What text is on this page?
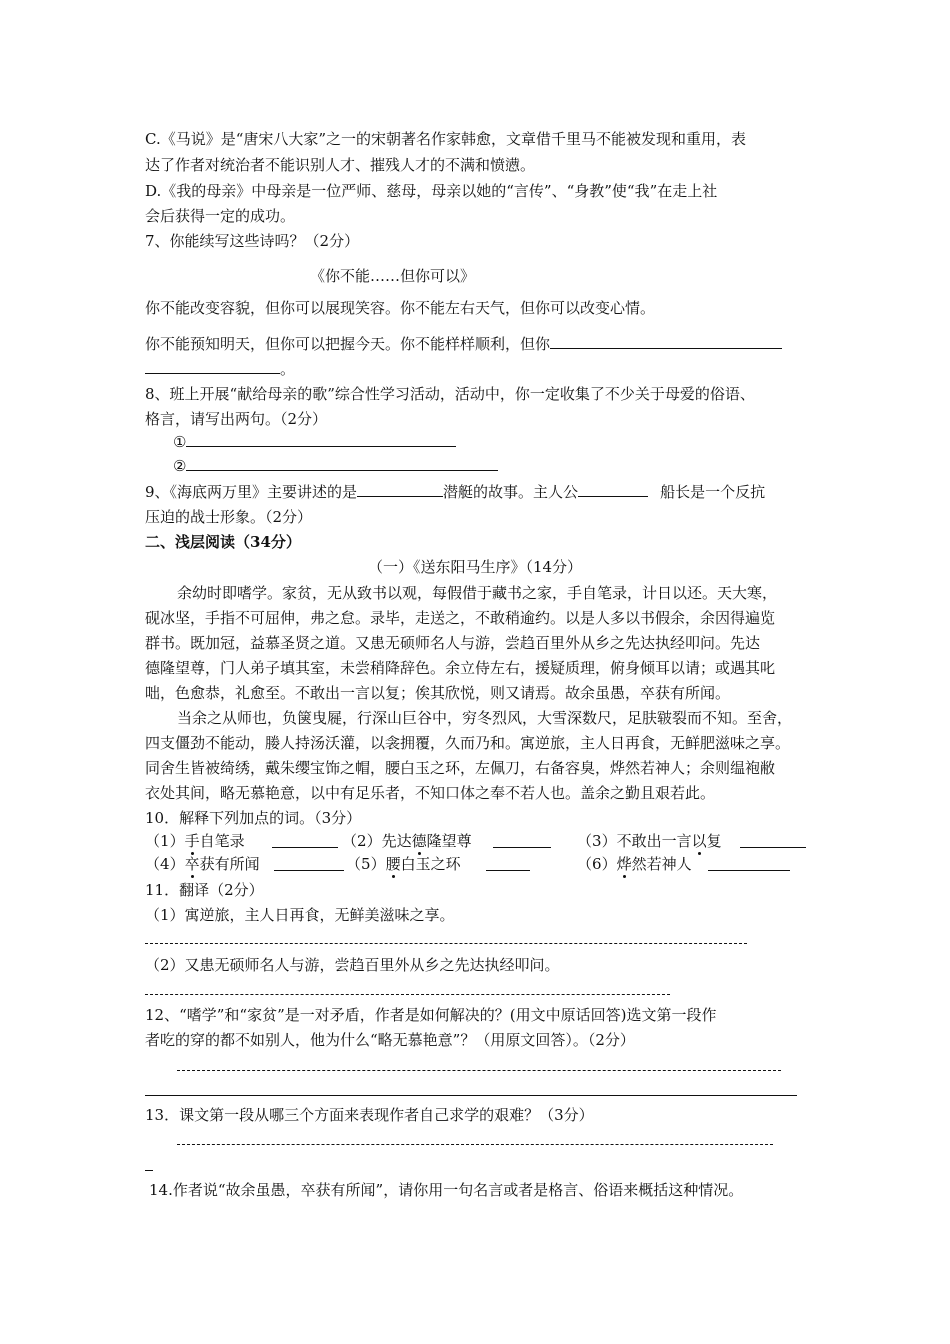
C.《马说》是“唐宋八大家”之一的宋朝著名作家韩愈，文章借千里马不能被发现和重用，表
达了作者对统治者不能识别人才、摧残人才的不满和愤懑。
D.《我的母亲》中母亲是一位严师、慈母，母亲以她的“言传”、“身教”使“我”在走上社
会后获得一定的成功。
7、你能续写这些诗吗？（2分）
《你不能……但你可以》
你不能改变容貌，但你可以展现笑容。你不能左右天气，但你可以改变心情。
你不能预知明天，但你可以把握今天。你不能样样顺利，但你
。
8、班上开展“献给母亲的歌”综合性学习活动，活动中，你一定收集了不少关于母爱的俗语、
格言，请写出两句。（2分）
①
②
9、《海底两万里》主要讲述的是	潜艇的故事。主人公	船长是一个反抗
压迫的战士形象。（2分）
二、浅层阅读（34分）
（一）《送东阳马生序》（14分）
余幼时即嗜学。家贫，无从致书以观，每假借于藏书之家，手自笔录，计日以还。天大寒，
砚冰坚，手指不可屈伸，弗之怠。录毕，走送之，不敢稍逾约。以是人多以书假余，余因得遍览
群书。既加冠，益慕圣贤之道。又患无硕师名人与游，尝趋百里外从乡之先达执经叩问。先达
德隆望尊，门人弟子填其室，未尝稍降辞色。余立侍左右，援疑质理，俯身倾耳以请；或遇其叱
咄，色愈恭，礼愈至。不敢出一言以复；俟其欣悦，则又请焉。故余虽愚，卒获有所闻。
当余之从师也，负箧曳屣，行深山巨谷中，穷冬烈风，大雪深数尺，足肤皲裂而不知。至舍，
四支僵劲不能动，媵人持汤沃灌，以衾拥覆，久而乃和。寓逆旅，主人日再食，无鲜肥滋味之享。
同舍生皆被绮绣，戴朱缨宝饰之帽，腰白玉之环，左佩刀，右备容臭，烨然若神人；余则缊袍敝
衣处其间，略无慕艳意，以中有足乐者，不知口体之奉不若人也。盖余之勤且艰若此。
10．解释下列加点的词。（3分）
（1）手自笔录	（2）先达德隆望尊	（3）不敢出一言以复
（4）卒获有所闻	（5）腰白玉之环	（6）烨然若神人
11．翻译（2分）
（1）寓逆旅，主人日再食，无鲜美滋味之享。
（2）又患无硕师名人与游，尝趋百里外从乡之先达执经叩问。
12、“嗜学”和“家贫”是一对矛盾，作者是如何解决的？(用文中原话回答)选文第一段作
者吃的穿的都不如别人，他为什么“略无慕艳意”？（用原文回答）。（2分）
13．课文第一段从哪三个方面来表现作者自己求学的艰难？（3分）
14.作者说“故余虽愚，卒获有所闻”，请你用一句名言或者是格言、俗语来概括这种情况。
